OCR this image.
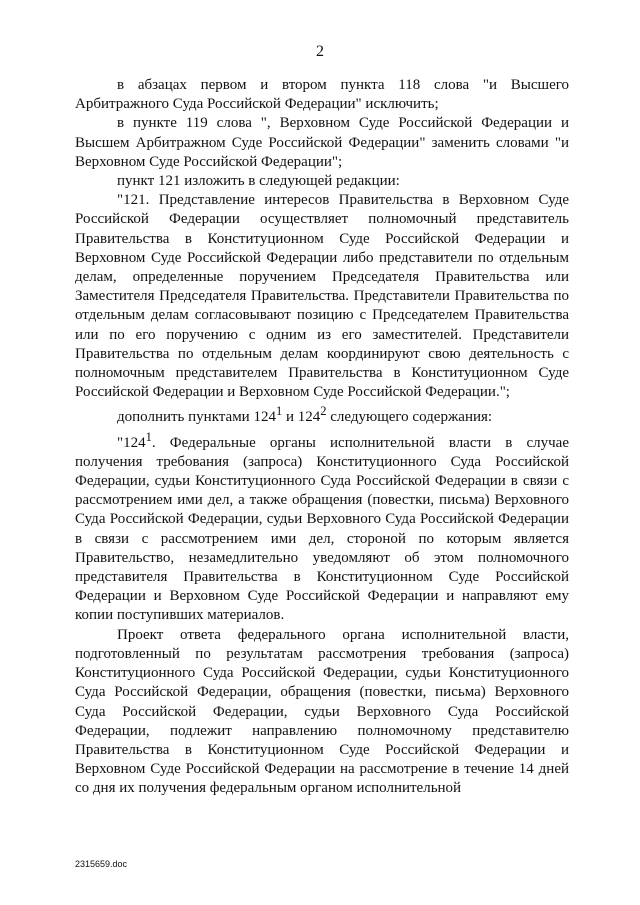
2

в абзацах первом и втором пункта 118 слова "и Высшего Арбитражного Суда Российской Федерации" исключить;

в пункте 119 слова ", Верховном Суде Российской Федерации и Высшем Арбитражном Суде Российской Федерации" заменить словами "и Верховном Суде Российской Федерации";

пункт 121 изложить в следующей редакции:

"121. Представление интересов Правительства в Верховном Суде Российской Федерации осуществляет полномочный представитель Правительства в Конституционном Суде Российской Федерации и Верховном Суде Российской Федерации либо представители по отдельным делам, определенные поручением Председателя Правительства или Заместителя Председателя Правительства. Представители Правительства по отдельным делам согласовывают позицию с Председателем Правительства или по его поручению с одним из его заместителей. Представители Правительства по отдельным делам координируют свою деятельность с полномочным представителем Правительства в Конституционном Суде Российской Федерации и Верховном Суде Российской Федерации.";

дополнить пунктами $124^1$ и $124^2$ следующего содержания:

"$124^1$. Федеральные органы исполнительной власти в случае получения требования (запроса) Конституционного Суда Российской Федерации, судьи Конституционного Суда Российской Федерации в связи с рассмотрением ими дел, а также обращения (повестки, письма) Верховного Суда Российской Федерации, судьи Верховного Суда Российской Федерации в связи с рассмотрением ими дел, стороной по которым является Правительство, незамедлительно уведомляют об этом полномочного представителя Правительства в Конституционном Суде Российской Федерации и Верховном Суде Российской Федерации и направляют ему копии поступивших материалов.

Проект ответа федерального органа исполнительной власти, подготовленный по результатам рассмотрения требования (запроса) Конституционного Суда Российской Федерации, судьи Конституционного Суда Российской Федерации, обращения (повестки, письма) Верховного Суда Российской Федерации, судьи Верховного Суда Российской Федерации, подлежит направлению полномочному представителю Правительства в Конституционном Суде Российской Федерации и Верховном Суде Российской Федерации на рассмотрение в течение 14 дней со дня их получения федеральным органом исполнительной

2315659.doc
